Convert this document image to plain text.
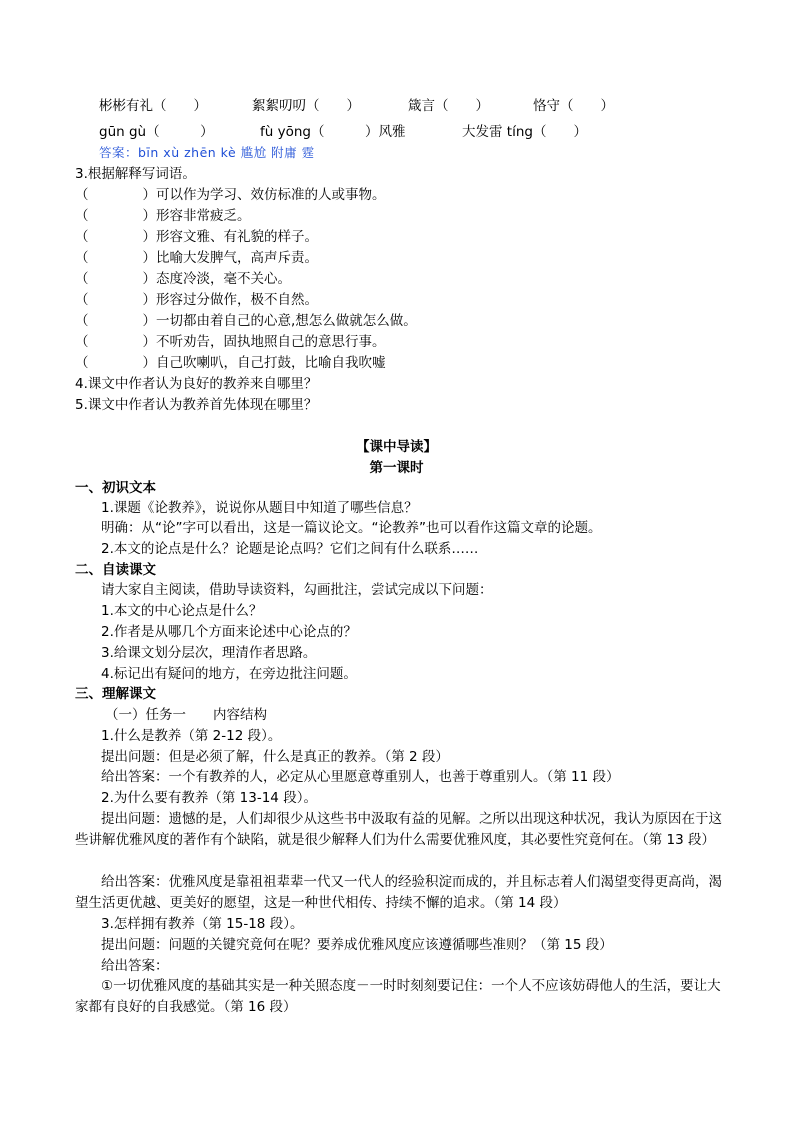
彬彬有礼（　　）	絮絮叨叨（　　）	箴言（　　）	恪守（　　）
gūn gù（　　　）	fù yōng（　　　）风雅	大发雷 tíng（　　）
答案：bīn xù zhēn kè 尴尬 附庸 霆
3.根据解释写词语。
（　　　　）可以作为学习、效仿标准的人或事物。
（　　　　）形容非常疲乏。
（　　　　）形容文雅、有礼貌的样子。
（　　　　）比喻大发脾气，高声斥责。
（　　　　）态度冷淡，毫不关心。
（　　　　）形容过分做作，极不自然。
（　　　　）一切都由着自己的心意,想怎么做就怎么做。
（　　　　）不听劝告，固执地照自己的意思行事。
（　　　　）自己吹喇叭，自己打鼓，比喻自我吹嘘
4.课文中作者认为良好的教养来自哪里？
5.课文中作者认为教养首先体现在哪里？
【课中导读】
第一课时
一、初识文本
1.课题《论教养》，说说你从题目中知道了哪些信息？
明确：从“论”字可以看出，这是一篇议论文。“论教养”也可以看作这篇文章的论题。
2.本文的论点是什么？论题是论点吗？它们之间有什么联系……
二、自读课文
请大家自主阅读，借助导读资料，勾画批注，尝试完成以下问题：
1.本文的中心论点是什么？
2.作者是从哪几个方面来论述中心论点的？
3.给课文划分层次，理清作者思路。
4.标记出有疑问的地方，在旁边批注问题。
三、理解课文
（一）任务一　　内容结构
1.什么是教养（第 2-12 段）。
提出问题：但是必须了解，什么是真正的教养。（第 2 段）
给出答案：一个有教养的人，必定从心里愿意尊重别人，也善于尊重别人。（第 11 段）
2.为什么要有教养（第 13-14 段）。
提出问题：遗憾的是，人们却很少从这些书中汲取有益的见解。之所以出现这种状况，我认为原因在于这些讲解优雅风度的著作有个缺陷，就是很少解释人们为什么需要优雅风度，其必要性究竟何在。（第 13 段）
给出答案：优雅风度是靠祖祖辈辈一代又一代人的经验积淀而成的，并且标志着人们渴望变得更高尚，渴望生活更优越、更美好的愿望，这是一种世代相传、持续不懈的追求。（第 14 段）
3.怎样拥有教养（第 15-18 段）。
提出问题：问题的关键究竟何在呢？要养成优雅风度应该遵循哪些准则？（第 15 段）
给出答案：
①一切优雅风度的基础其实是一种关照态度－一时时刻刻要记住：一个人不应该妨碍他人的生活，要让大家都有良好的自我感觉。（第 16 段）
